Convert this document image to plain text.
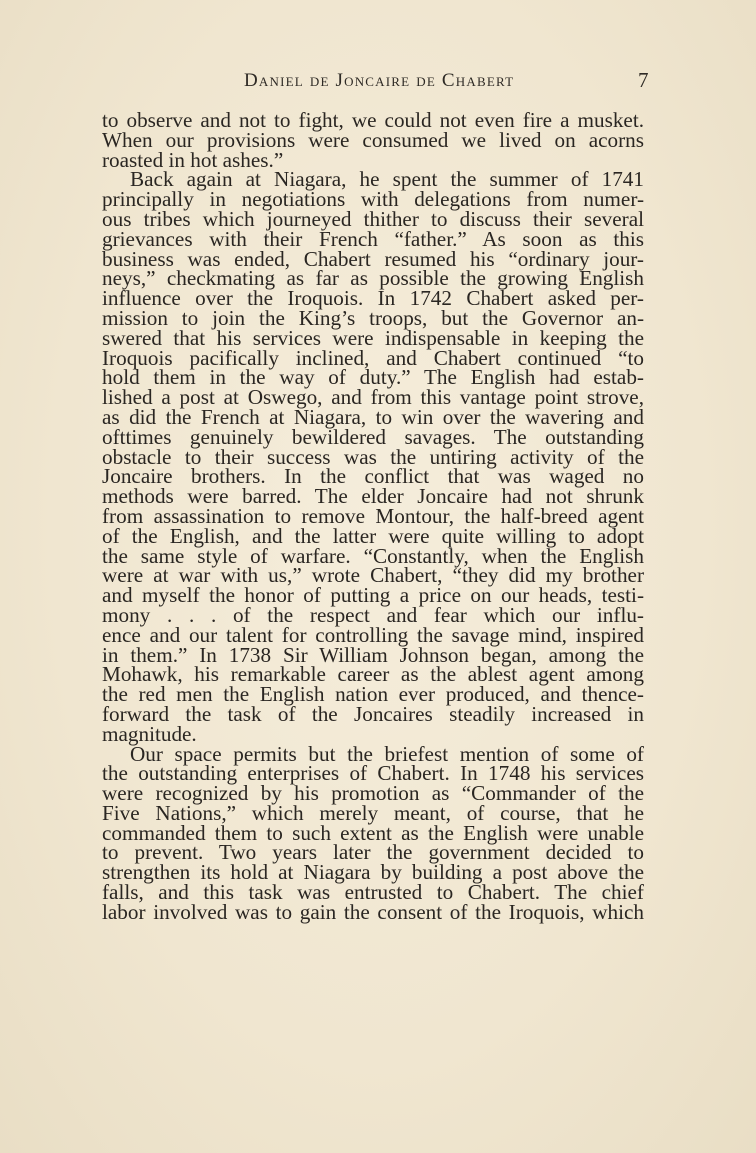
Daniel de Joncaire de Chabert	7
to observe and not to fight, we could not even fire a musket.
When our provisions were consumed we lived on acorns
roasted in hot ashes.”
Back again at Niagara, he spent the summer of 1741
principally in negotiations with delegations from numer-
ous tribes which journeyed thither to discuss their several
grievances with their French “father.” As soon as this
business was ended, Chabert resumed his “ordinary jour-
neys,” checkmating as far as possible the growing English
influence over the Iroquois. In 1742 Chabert asked per-
mission to join the King’s troops, but the Governor an-
swered that his services were indispensable in keeping the
Iroquois pacifically inclined, and Chabert continued “to
hold them in the way of duty.” The English had estab-
lished a post at Oswego, and from this vantage point strove,
as did the French at Niagara, to win over the wavering and
ofttimes genuinely bewildered savages. The outstanding
obstacle to their success was the untiring activity of the
Joncaire brothers. In the conflict that was waged no
methods were barred. The elder Joncaire had not shrunk
from assassination to remove Montour, the half-breed agent
of the English, and the latter were quite willing to adopt
the same style of warfare. “Constantly, when the English
were at war with us,” wrote Chabert, “they did my brother
and myself the honor of putting a price on our heads, testi-
mony . . . of the respect and fear which our influ-
ence and our talent for controlling the savage mind, inspired
in them.” In 1738 Sir William Johnson began, among the
Mohawk, his remarkable career as the ablest agent among
the red men the English nation ever produced, and thence-
forward the task of the Joncaires steadily increased in
magnitude.
Our space permits but the briefest mention of some of
the outstanding enterprises of Chabert. In 1748 his services
were recognized by his promotion as “Commander of the
Five Nations,” which merely meant, of course, that he
commanded them to such extent as the English were unable
to prevent. Two years later the government decided to
strengthen its hold at Niagara by building a post above the
falls, and this task was entrusted to Chabert. The chief
labor involved was to gain the consent of the Iroquois, which
